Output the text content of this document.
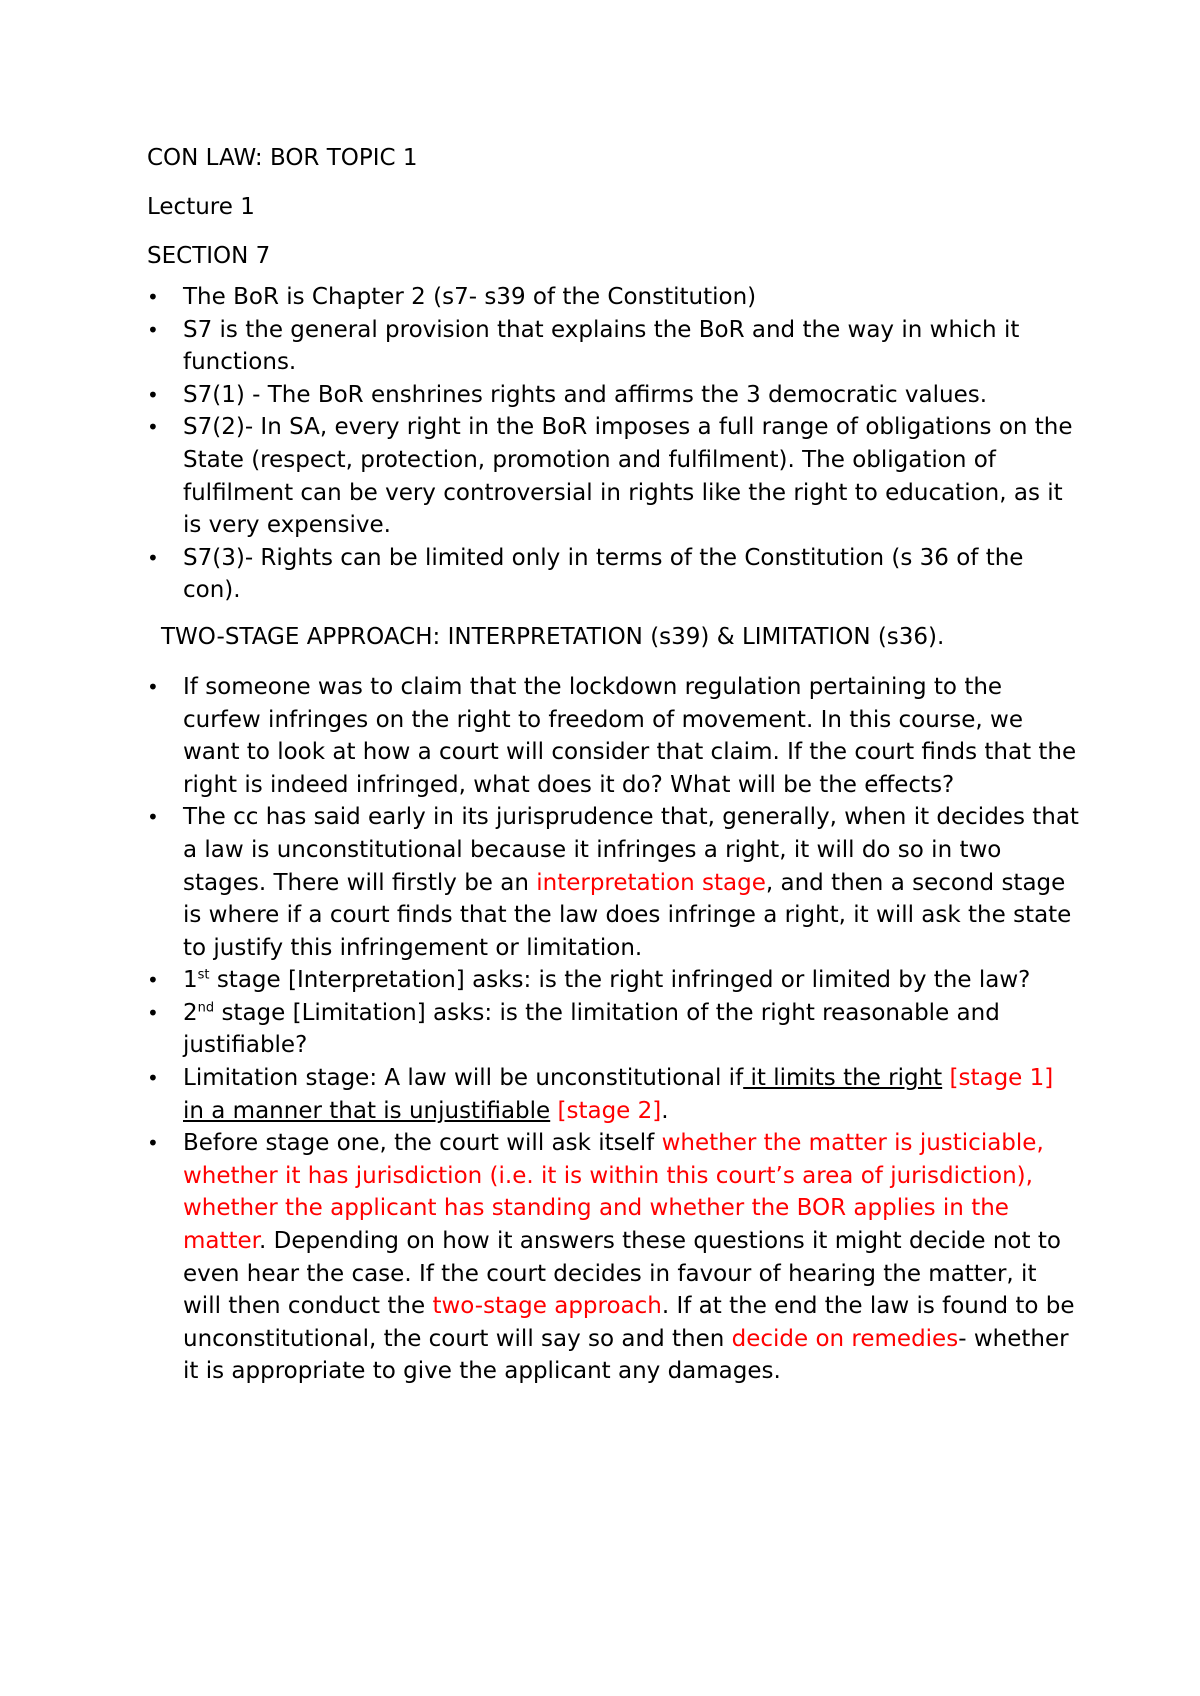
CON LAW: BOR TOPIC 1

Lecture 1

SECTION 7

•	The BoR is Chapter 2 (s7- s39 of the Constitution)
•	S7 is the general provision that explains the BoR and the way in which it functions.
•	S7(1) - The BoR enshrines rights and affirms the 3 democratic values.
•	S7(2)- In SA, every right in the BoR imposes a full range of obligations on the State (respect, protection, promotion and fulfilment). The obligation of fulfilment can be very controversial in rights like the right to education, as it is very expensive.
•	S7(3)- Rights can be limited only in terms of the Constitution (s 36 of the con).

TWO-STAGE APPROACH: INTERPRETATION (s39) & LIMITATION (s36).

•	If someone was to claim that the lockdown regulation pertaining to the curfew infringes on the right to freedom of movement. In this course, we want to look at how a court will consider that claim. If the court finds that the right is indeed infringed, what does it do? What will be the effects?
•	The cc has said early in its jurisprudence that, generally, when it decides that a law is unconstitutional because it infringes a right, it will do so in two stages. There will firstly be an interpretation stage, and then a second stage is where if a court finds that the law does infringe a right, it will ask the state to justify this infringement or limitation.
•	1st stage [Interpretation] asks: is the right infringed or limited by the law?
•	2nd stage [Limitation] asks: is the limitation of the right reasonable and justifiable?
•	Limitation stage: A law will be unconstitutional if it limits the right [stage 1] in a manner that is unjustifiable [stage 2].
•	Before stage one, the court will ask itself whether the matter is justiciable, whether it has jurisdiction (i.e. it is within this court’s area of jurisdiction), whether the applicant has standing and whether the BOR applies in the matter. Depending on how it answers these questions it might decide not to even hear the case. If the court decides in favour of hearing the matter, it will then conduct the two-stage approach. If at the end the law is found to be unconstitutional, the court will say so and then decide on remedies- whether it is appropriate to give the applicant any damages.
